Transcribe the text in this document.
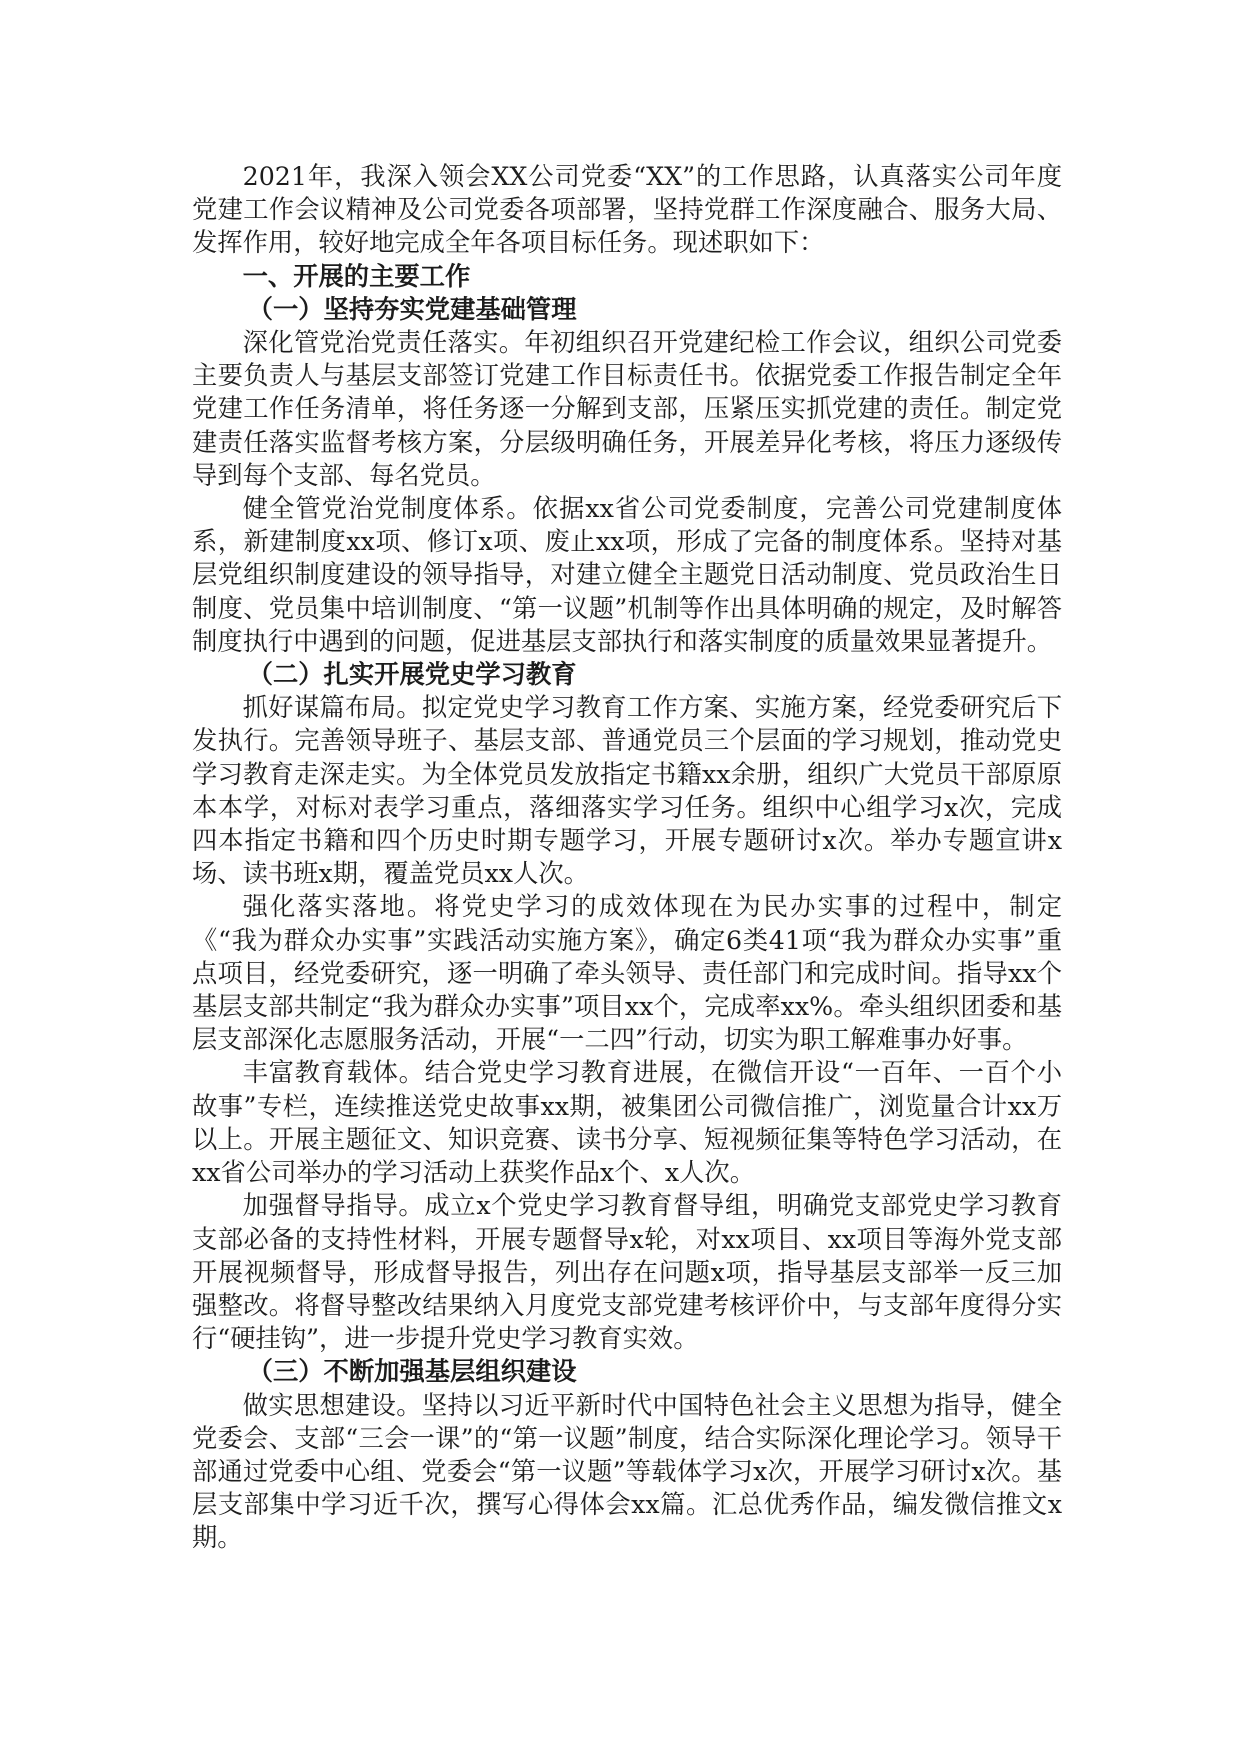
2021年，我深入领会XX公司党委“XX”的工作思路，认真落实公司年度党建工作会议精神及公司党委各项部署，坚持党群工作深度融合、服务大局、发挥作用，较好地完成全年各项目标任务。现述职如下：

一、开展的主要工作

（一）坚持夯实党建基础管理

深化管党治党责任落实。年初组织召开党建纪检工作会议，组织公司党委主要负责人与基层支部签订党建工作目标责任书。依据党委工作报告制定全年党建工作任务清单，将任务逐一分解到支部，压紧压实抓党建的责任。制定党建责任落实监督考核方案，分层级明确任务，开展差异化考核，将压力逐级传导到每个支部、每名党员。

健全管党治党制度体系。依据xx省公司党委制度，完善公司党建制度体系，新建制度xx项、修订x项、废止xx项，形成了完备的制度体系。坚持对基层党组织制度建设的领导指导，对建立健全主题党日活动制度、党员政治生日制度、党员集中培训制度、“第一议题”机制等作出具体明确的规定，及时解答制度执行中遇到的问题，促进基层支部执行和落实制度的质量效果显著提升。

（二）扎实开展党史学习教育

抓好谋篇布局。拟定党史学习教育工作方案、实施方案，经党委研究后下发执行。完善领导班子、基层支部、普通党员三个层面的学习规划，推动党史学习教育走深走实。为全体党员发放指定书籍xx余册，组织广大党员干部原原本本学，对标对表学习重点，落细落实学习任务。组织中心组学习x次，完成四本指定书籍和四个历史时期专题学习，开展专题研讨x次。举办专题宣讲x场、读书班x期，覆盖党员xx人次。

强化落实落地。将党史学习的成效体现在为民办实事的过程中，制定《“我为群众办实事”实践活动实施方案》，确定6类41项“我为群众办实事”重点项目，经党委研究，逐一明确了牵头领导、责任部门和完成时间。指导xx个基层支部共制定“我为群众办实事”项目xx个，完成率xx%。牵头组织团委和基层支部深化志愿服务活动，开展“一二四”行动，切实为职工解难事办好事。

丰富教育载体。结合党史学习教育进展，在微信开设“一百年、一百个小故事”专栏，连续推送党史故事xx期，被集团公司微信推广，浏览量合计xx万以上。开展主题征文、知识竞赛、读书分享、短视频征集等特色学习活动，在xx省公司举办的学习活动上获奖作品x个、x人次。

加强督导指导。成立x个党史学习教育督导组，明确党支部党史学习教育支部必备的支持性材料，开展专题督导x轮，对xx项目、xx项目等海外党支部开展视频督导，形成督导报告，列出存在问题x项，指导基层支部举一反三加强整改。将督导整改结果纳入月度党支部党建考核评价中，与支部年度得分实行“硬挂钩”，进一步提升党史学习教育实效。

（三）不断加强基层组织建设

做实思想建设。坚持以习近平新时代中国特色社会主义思想为指导，健全党委会、支部“三会一课”的“第一议题”制度，结合实际深化理论学习。领导干部通过党委中心组、党委会“第一议题”等载体学习x次，开展学习研讨x次。基层支部集中学习近千次，撰写心得体会xx篇。汇总优秀作品，编发微信推文x期。
